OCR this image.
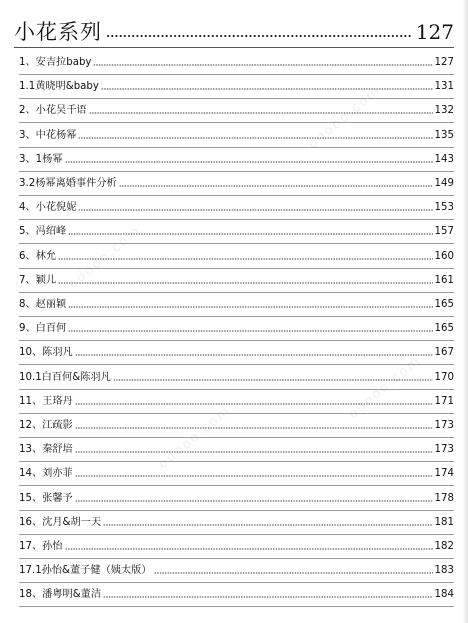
小花系列	127
1、安吉拉baby	127
1.1黄晓明&baby	131
2、小花吴千语	132
3、中花杨幂	135
3、1杨幂	143
3.2杨幂离婚事件分析	149
4、小花倪妮	153
5、冯绍峰	157
6、林允	160
7、颖儿	161
8、赵丽颖	165
9、白百何	165
10、陈羽凡	167
10.1白百何&陈羽凡	170
11、王珞丹	171
12、江疏影	173
13、秦舒培	173
14、刘亦菲	174
15、张馨予	178
16、沈月&胡一天	181
17、孙怡	182
17.1孙怡&董子健（姨太版）	183
18、潘粤明&董洁	184
odooo.com
odooo.com
odooo.com
